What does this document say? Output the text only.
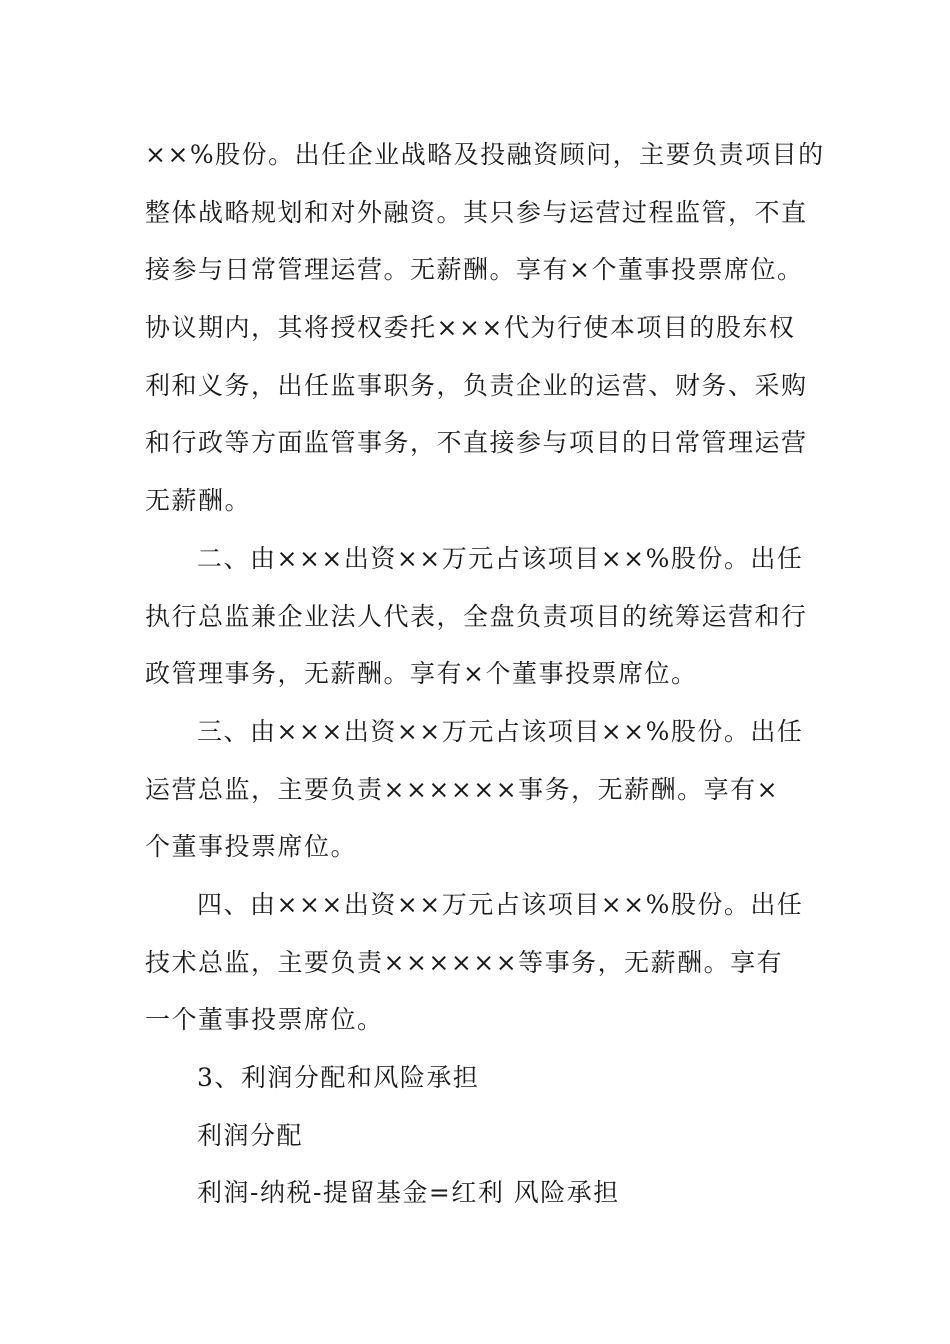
××%股份。出任企业战略及投融资顾问，主要负责项目的
整体战略规划和对外融资。其只参与运营过程监管，不直
接参与日常管理运营。无薪酬。享有×个董事投票席位。
协议期内，其将授权委托×××代为行使本项目的股东权
利和义务，出任监事职务，负责企业的运营、财务、采购
和行政等方面监管事务，不直接参与项目的日常管理运营
无薪酬。
二、由×××出资××万元占该项目××%股份。出任
执行总监兼企业法人代表，全盘负责项目的统筹运营和行
政管理事务，无薪酬。享有×个董事投票席位。
三、由×××出资××万元占该项目××%股份。出任
运营总监，主要负责××××××事务，无薪酬。享有×
个董事投票席位。
四、由×××出资××万元占该项目××%股份。出任
技术总监，主要负责××××××等事务，无薪酬。享有
一个董事投票席位。
3、利润分配和风险承担
利润分配
利润-纳税-提留基金=红利 风险承担
